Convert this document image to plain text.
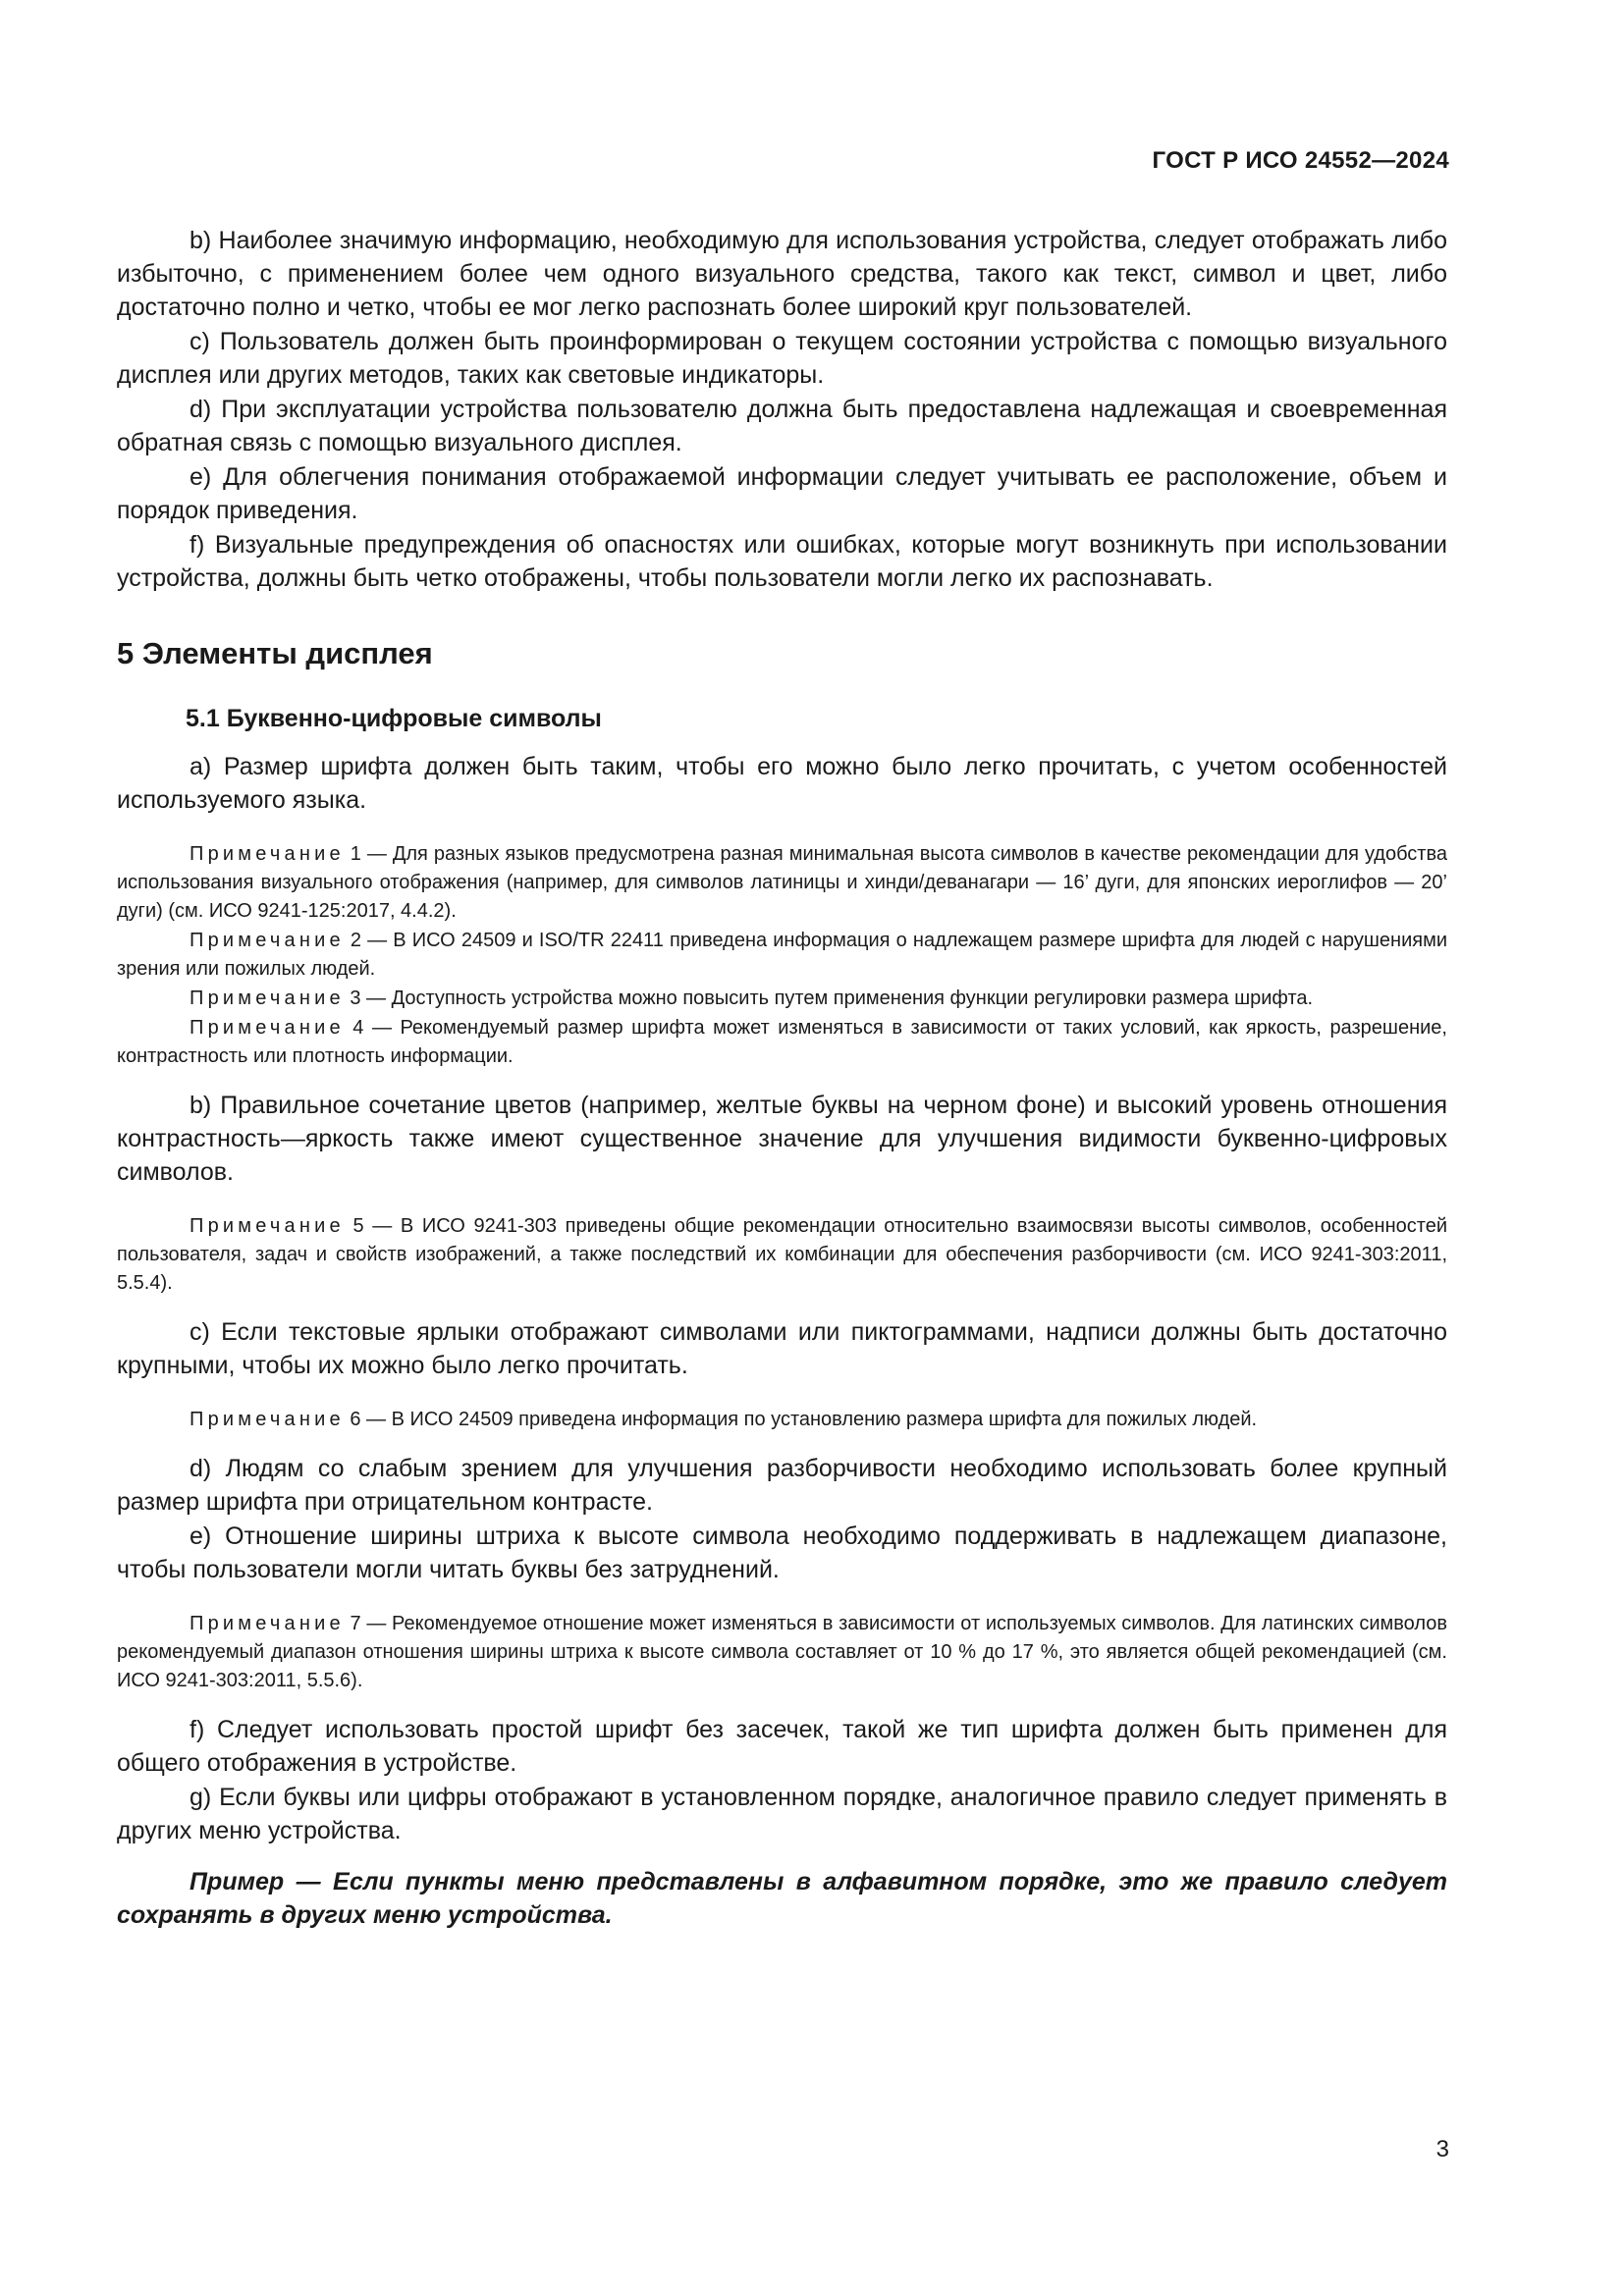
ГОСТ Р ИСО 24552—2024

b) Наиболее значимую информацию, необходимую для использования устройства, следует отображать либо избыточно, с применением более чем одного визуального средства, такого как текст, символ и цвет, либо достаточно полно и четко, чтобы ее мог легко распознать более широкий круг пользователей.

c) Пользователь должен быть проинформирован о текущем состоянии устройства с помощью визуального дисплея или других методов, таких как световые индикаторы.

d) При эксплуатации устройства пользователю должна быть предоставлена надлежащая и своевременная обратная связь с помощью визуального дисплея.

e) Для облегчения понимания отображаемой информации следует учитывать ее расположение, объем и порядок приведения.

f) Визуальные предупреждения об опасностях или ошибках, которые могут возникнуть при использовании устройства, должны быть четко отображены, чтобы пользователи могли легко их распознавать.

5 Элементы дисплея
5.1 Буквенно-цифровые символы

а) Размер шрифта должен быть таким, чтобы его можно было легко прочитать, с учетом особенностей используемого языка.

Примечание 1 — Для разных языков предусмотрена разная минимальная высота символов в качестве рекомендации для удобства использования визуального отображения (например, для символов латиницы и хинди/деванагари — 16’ дуги, для японских иероглифов — 20’ дуги) (см. ИСО 9241-125:2017, 4.4.2).

Примечание 2 — В ИСО 24509 и ISO/TR 22411 приведена информация о надлежащем размере шрифта для людей с нарушениями зрения или пожилых людей.

Примечание 3 — Доступность устройства можно повысить путем применения функции регулировки размера шрифта.

Примечание 4 — Рекомендуемый размер шрифта может изменяться в зависимости от таких условий, как яркость, разрешение, контрастность или плотность информации.

b) Правильное сочетание цветов (например, желтые буквы на черном фоне) и высокий уровень отношения контрастность—яркость также имеют существенное значение для улучшения видимости буквенно-цифровых символов.

Примечание 5 — В ИСО 9241-303 приведены общие рекомендации относительно взаимосвязи высоты символов, особенностей пользователя, задач и свойств изображений, а также последствий их комбинации для обеспечения разборчивости (см. ИСО 9241-303:2011, 5.5.4).

c) Если текстовые ярлыки отображают символами или пиктограммами, надписи должны быть достаточно крупными, чтобы их можно было легко прочитать.

Примечание 6 — В ИСО 24509 приведена информация по установлению размера шрифта для пожилых людей.

d) Людям со слабым зрением для улучшения разборчивости необходимо использовать более крупный размер шрифта при отрицательном контрасте.

e) Отношение ширины штриха к высоте символа необходимо поддерживать в надлежащем диапазоне, чтобы пользователи могли читать буквы без затруднений.

Примечание 7 — Рекомендуемое отношение может изменяться в зависимости от используемых символов. Для латинских символов рекомендуемый диапазон отношения ширины штриха к высоте символа составляет от 10 % до 17 %, это является общей рекомендацией (см. ИСО 9241-303:2011, 5.5.6).

f) Следует использовать простой шрифт без засечек, такой же тип шрифта должен быть применен для общего отображения в устройстве.

g) Если буквы или цифры отображают в установленном порядке, аналогичное правило следует применять в других меню устройства.

Пример — Если пункты меню представлены в алфавитном порядке, это же правило следует сохранять в других меню устройства.

3
